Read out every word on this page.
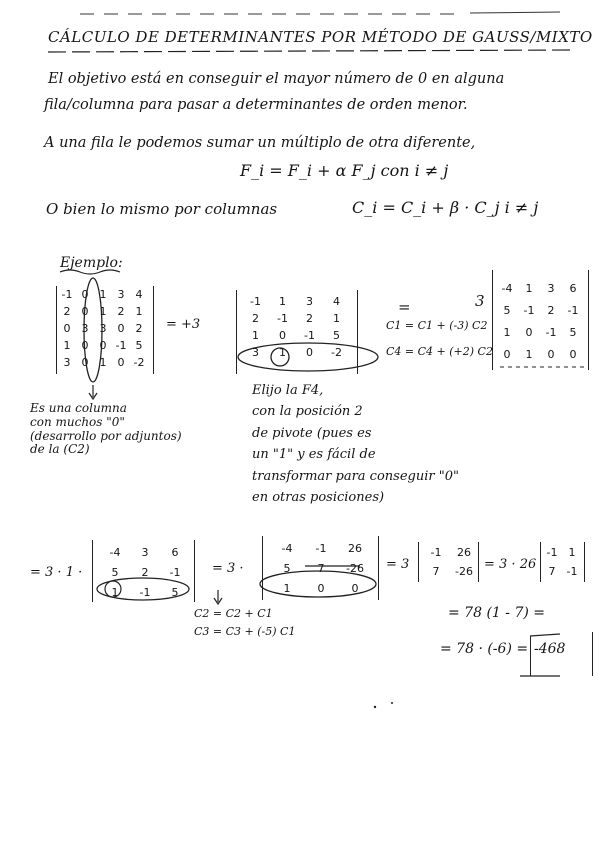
CÁLCULO DE DETERMINANTES POR MÉTODO DE GAUSS/MIXTO
El objetivo está en conseguir el mayor número de 0 en alguna
fila/columna para pasar a determinantes de orden menor.
A una fila le podemos sumar un múltiplo de otra diferente,
F_i = F_i + α F_j con i ≠ j
O bien lo mismo por columnas	C_i = C_i + β · C_j i ≠ j
Ejemplo:
-1 0	1	3	4
2	0	1	2	1
0	3	3	0	2
1	0	0 -1 5
3	0	1	0 -2
= +3
-1	1	3	4
2	-1	2	1
1	0	-1	5
3	1	0	-2
=
C1 = C1 + (-3) C2
C4 = C4 + (+2) C2
3
-4	1	3	6
5	-1	2	-1
1	0	-1	5
0	1	0	0
Es una columna
con muchos "0"
(desarrollo por adjuntos)
de la (C2)
Elijo la F4,
con la posición 2
de pivote (pues es
un "1" y es fácil de
transformar para conseguir "0"
en otras posiciones)
= 3 · 1 ·
-4	3	6
5	2	-1
1	-1	5
= 3 ·
-4	-1	26
5	7	-26
1	0	0
C2 = C2 + C1
C3 = C3 + (-5) C1
= 3
-1	26
7	-26 = 3 · 26
-1	1
7	-1
= 78 (1 - 7) =
= 78 · (-6) = -468
